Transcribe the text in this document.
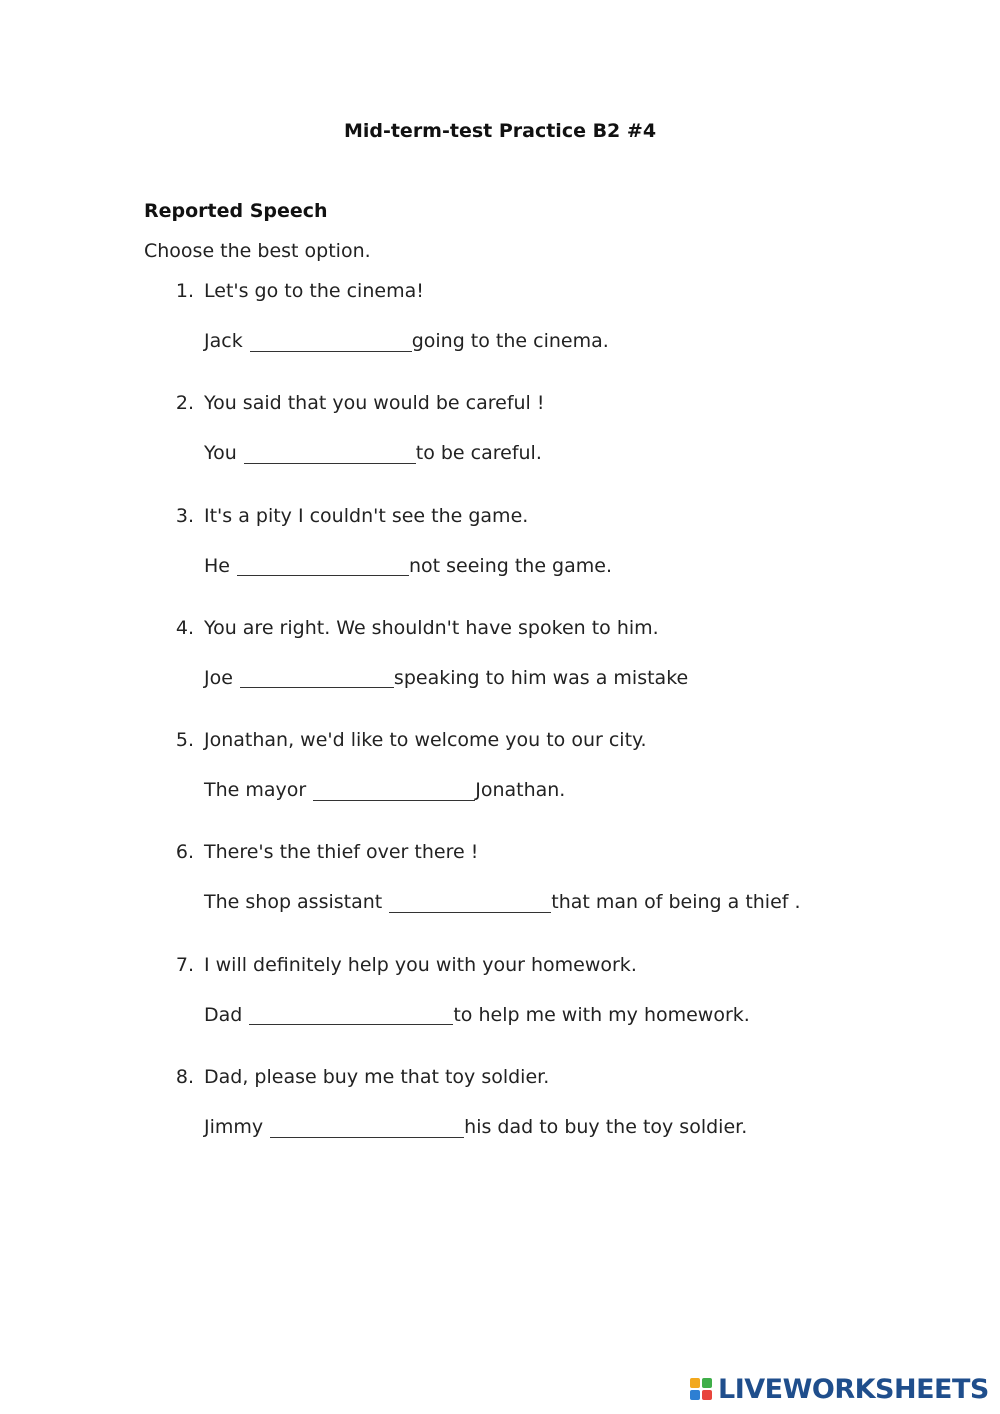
Mid-term-test Practice B2 #4
Reported Speech

Choose the best option.

1. Let's go to the cinema!
Jack	going to the cinema.
2. You said that you would be careful !
You	to be careful.
3. It's a pity I couldn't see the game.
He	not seeing the game.
4. You are right. We shouldn't have spoken to him.
Joe	speaking to him was a mistake
5. Jonathan, we'd like to welcome you to our city.
The mayor	Jonathan.
6. There's the thief over there !
The shop assistant	that man of being a thief .
7. I will definitely help you with your homework.
Dad	to help me with my homework.
8. Dad, please buy me that toy soldier.
Jimmy	his dad to buy the toy soldier.
LIVEWORKSHEETS
